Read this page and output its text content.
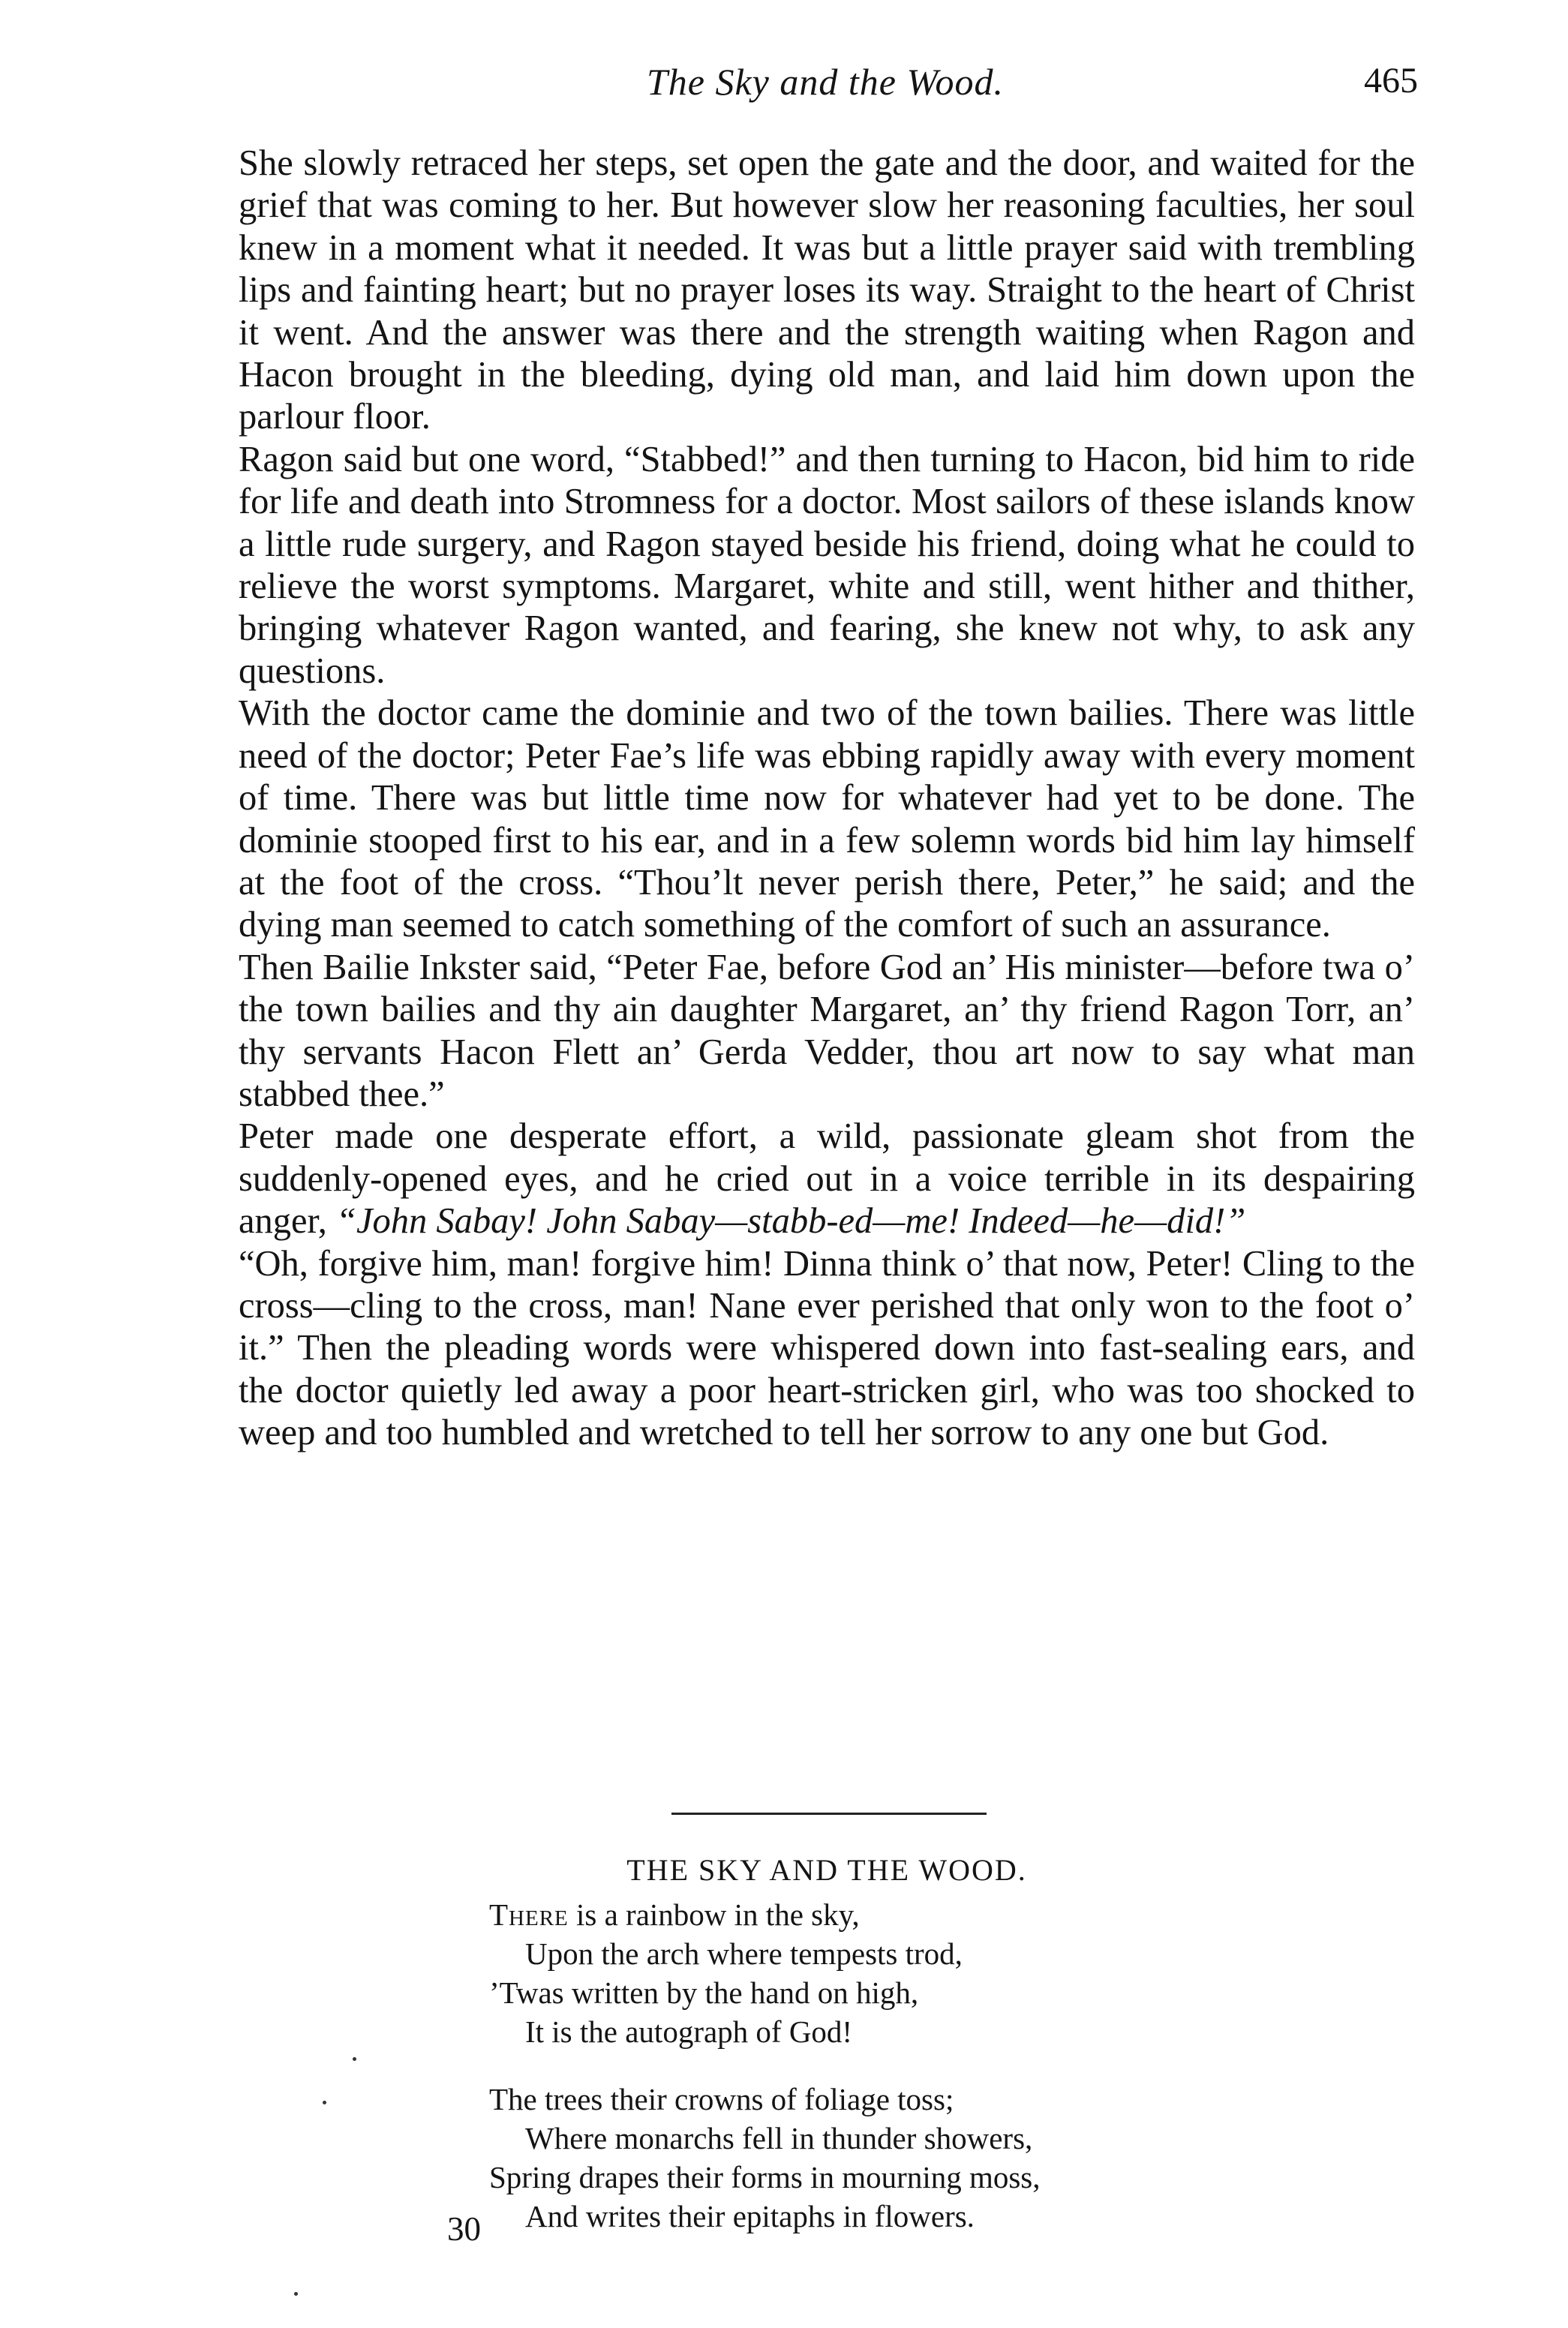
The Sky and the Wood.	465

She slowly retraced her steps, set open the gate and the door, and waited for the grief that was coming to her. But however slow her reasoning faculties, her soul knew in a moment what it needed. It was but a little prayer said with trembling lips and fainting heart; but no prayer loses its way. Straight to the heart of Christ it went. And the answer was there and the strength waiting when Ragon and Hacon brought in the bleeding, dying old man, and laid him down upon the parlour floor.

Ragon said but one word, “Stabbed!” and then turning to Hacon, bid him to ride for life and death into Stromness for a doctor. Most sailors of these islands know a little rude surgery, and Ragon stayed beside his friend, doing what he could to relieve the worst symptoms. Margaret, white and still, went hither and thither, bringing whatever Ragon wanted, and fearing, she knew not why, to ask any questions.

With the doctor came the dominie and two of the town bailies. There was little need of the doctor; Peter Fae’s life was ebbing rapidly away with every moment of time. There was but little time now for whatever had yet to be done. The dominie stooped first to his ear, and in a few solemn words bid him lay himself at the foot of the cross. “Thou’lt never perish there, Peter,” he said; and the dying man seemed to catch something of the comfort of such an assurance.

Then Bailie Inkster said, “Peter Fae, before God an’ His minister—before twa o’ the town bailies and thy ain daughter Margaret, an’ thy friend Ragon Torr, an’ thy servants Hacon Flett an’ Gerda Vedder, thou art now to say what man stabbed thee.”

Peter made one desperate effort, a wild, passionate gleam shot from the suddenly-opened eyes, and he cried out in a voice terrible in its despairing anger, “John Sabay! John Sabay—stabb-ed—me! Indeed—he—did!”

“Oh, forgive him, man! forgive him! Dinna think o’ that now, Peter! Cling to the cross—cling to the cross, man! Nane ever perished that only won to the foot o’ it.” Then the pleading words were whispered down into fast-sealing ears, and the doctor quietly led away a poor heart-stricken girl, who was too shocked to weep and too humbled and wretched to tell her sorrow to any one but God.

THE SKY AND THE WOOD.
There is a rainbow in the sky,
Upon the arch where tempests trod,
’Twas written by the hand on high,
It is the autograph of God!
The trees their crowns of foliage toss;
Where monarchs fell in thunder showers,
Spring drapes their forms in mourning moss,
And writes their epitaphs in flowers.
30
